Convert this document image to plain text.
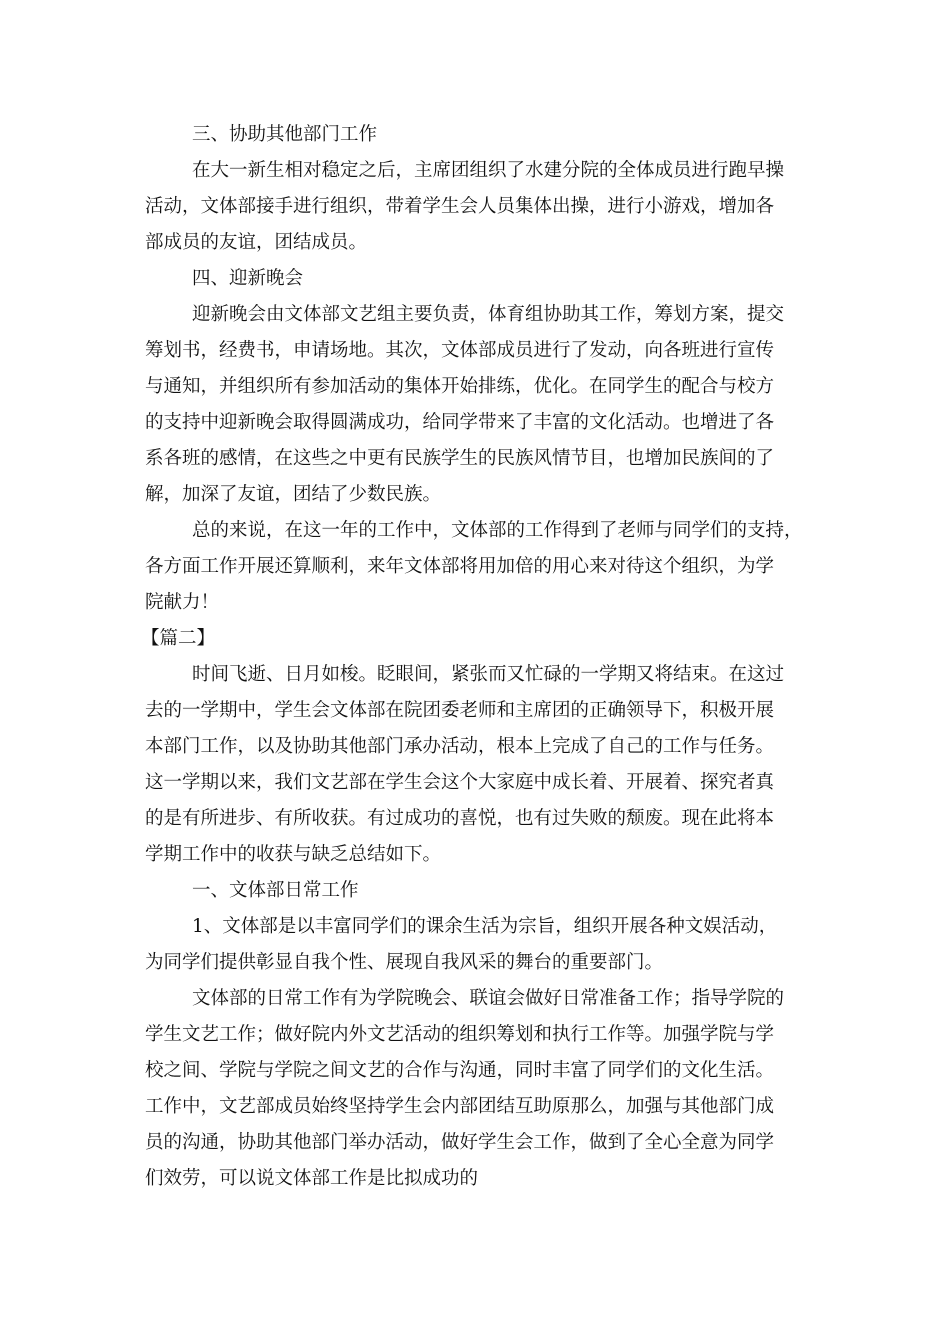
三、协助其他部门工作
在大一新生相对稳定之后，主席团组织了水建分院的全体成员进行跑早操
活动，文体部接手进行组织，带着学生会人员集体出操，进行小游戏，增加各
部成员的友谊，团结成员。
四、迎新晚会
迎新晚会由文体部文艺组主要负责，体育组协助其工作，筹划方案，提交
筹划书，经费书，申请场地。其次，文体部成员进行了发动，向各班进行宣传
与通知，并组织所有参加活动的集体开始排练，优化。在同学生的配合与校方
的支持中迎新晚会取得圆满成功，给同学带来了丰富的文化活动。也增进了各
系各班的感情，在这些之中更有民族学生的民族风情节目，也增加民族间的了
解，加深了友谊，团结了少数民族。
总的来说，在这一年的工作中，文体部的工作得到了老师与同学们的支持，
各方面工作开展还算顺利，来年文体部将用加倍的用心来对待这个组织，为学
院献力！
【篇二】
时间飞逝、日月如梭。眨眼间，紧张而又忙碌的一学期又将结束。在这过
去的一学期中，学生会文体部在院团委老师和主席团的正确领导下，积极开展
本部门工作，以及协助其他部门承办活动，根本上完成了自己的工作与任务。
这一学期以来，我们文艺部在学生会这个大家庭中成长着、开展着、探究者真
的是有所进步、有所收获。有过成功的喜悦，也有过失败的颓废。现在此将本
学期工作中的收获与缺乏总结如下。
一、文体部日常工作
1、文体部是以丰富同学们的课余生活为宗旨，组织开展各种文娱活动，
为同学们提供彰显自我个性、展现自我风采的舞台的重要部门。
文体部的日常工作有为学院晚会、联谊会做好日常准备工作；指导学院的
学生文艺工作；做好院内外文艺活动的组织筹划和执行工作等。加强学院与学
校之间、学院与学院之间文艺的合作与沟通，同时丰富了同学们的文化生活。
工作中，文艺部成员始终坚持学生会内部团结互助原那么，加强与其他部门成
员的沟通，协助其他部门举办活动，做好学生会工作，做到了全心全意为同学
们效劳，可以说文体部工作是比拟成功的
